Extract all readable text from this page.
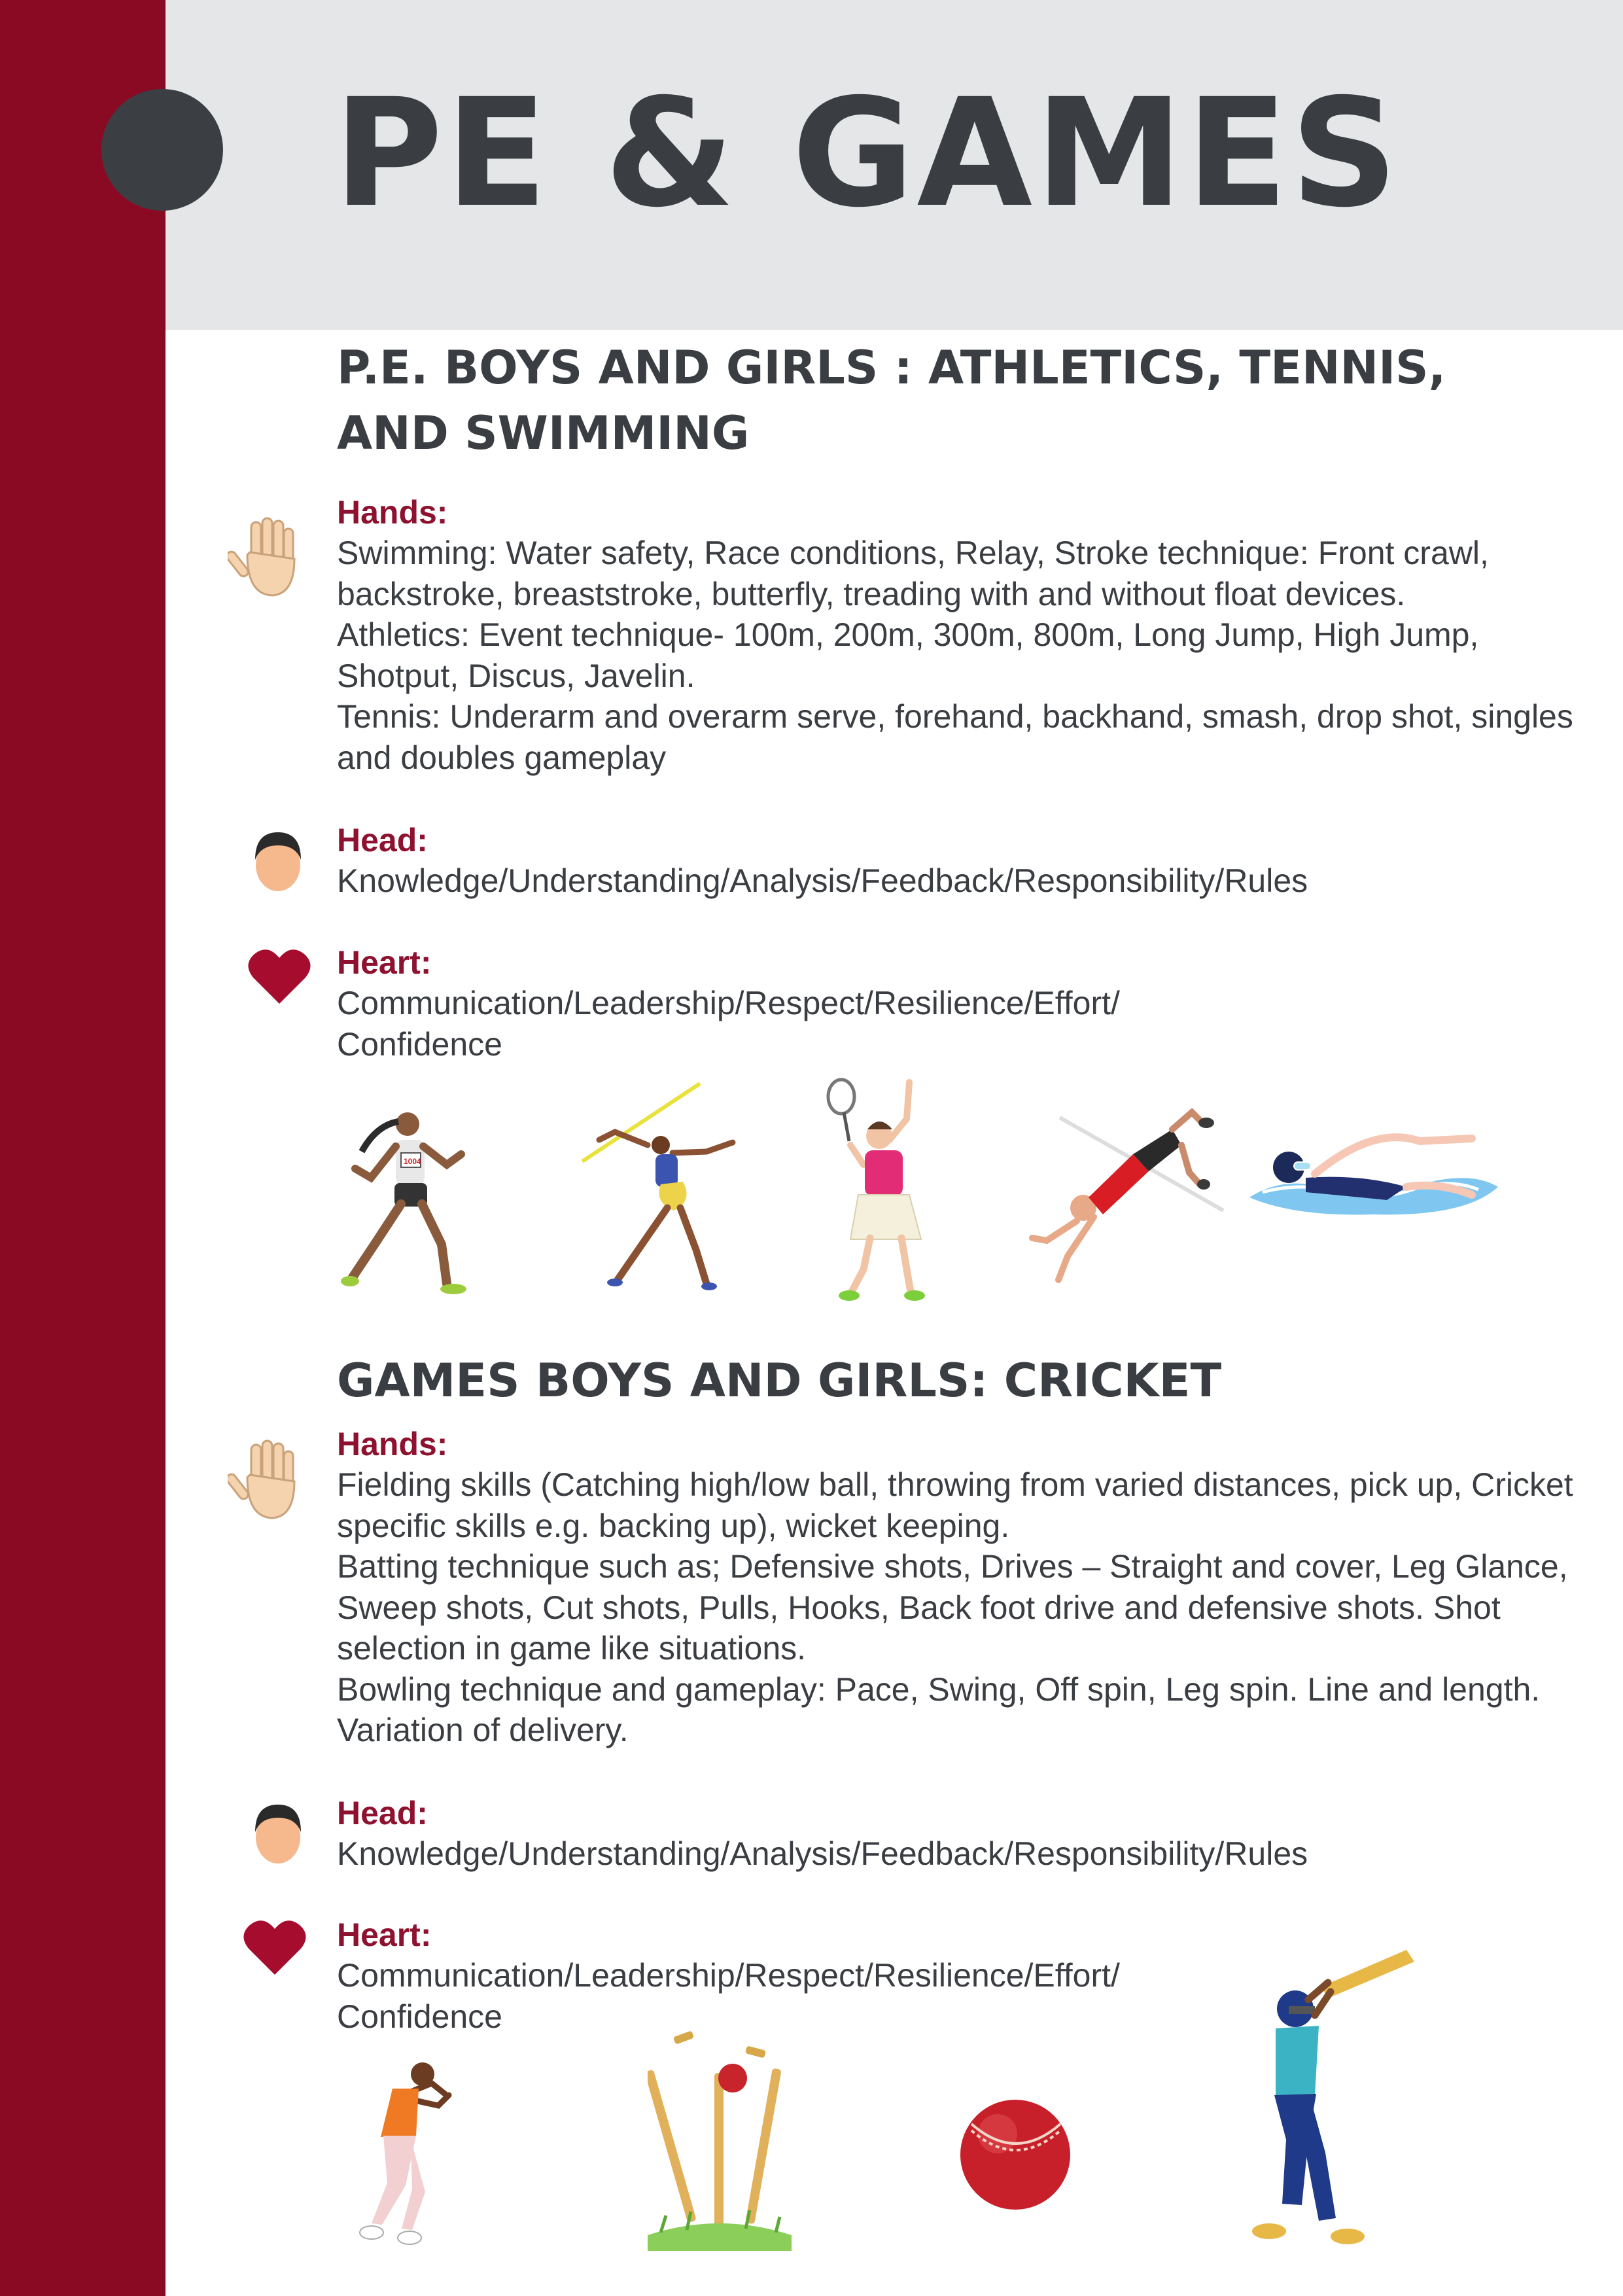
PE & GAMES
P.E. BOYS AND GIRLS : ATHLETICS, TENNIS, AND SWIMMING
Hands:
Swimming: Water safety, Race conditions, Relay, Stroke technique: Front crawl, backstroke, breaststroke, butterfly, treading with and without float devices.
Athletics: Event technique- 100m, 200m, 300m, 800m, Long Jump, High Jump, Shotput, Discus, Javelin.
Tennis: Underarm and overarm serve, forehand, backhand, smash, drop shot, singles and doubles gameplay
Head:
Knowledge/Understanding/Analysis/Feedback/Responsibility/Rules
Heart:
Communication/Leadership/Respect/Resilience/Effort/
Confidence
1004
GAMES BOYS AND GIRLS: CRICKET
Hands:
Fielding skills (Catching high/low ball, throwing from varied distances, pick up, Cricket specific skills e.g. backing up), wicket keeping.
Batting technique such as; Defensive shots, Drives – Straight and cover, Leg Glance, Sweep shots, Cut shots, Pulls, Hooks, Back foot drive and defensive shots. Shot selection in game like situations.
Bowling technique and gameplay: Pace, Swing, Off spin, Leg spin. Line and length. Variation of delivery.
Head:
Knowledge/Understanding/Analysis/Feedback/Responsibility/Rules
Heart:
Communication/Leadership/Respect/Resilience/Effort/
Confidence
